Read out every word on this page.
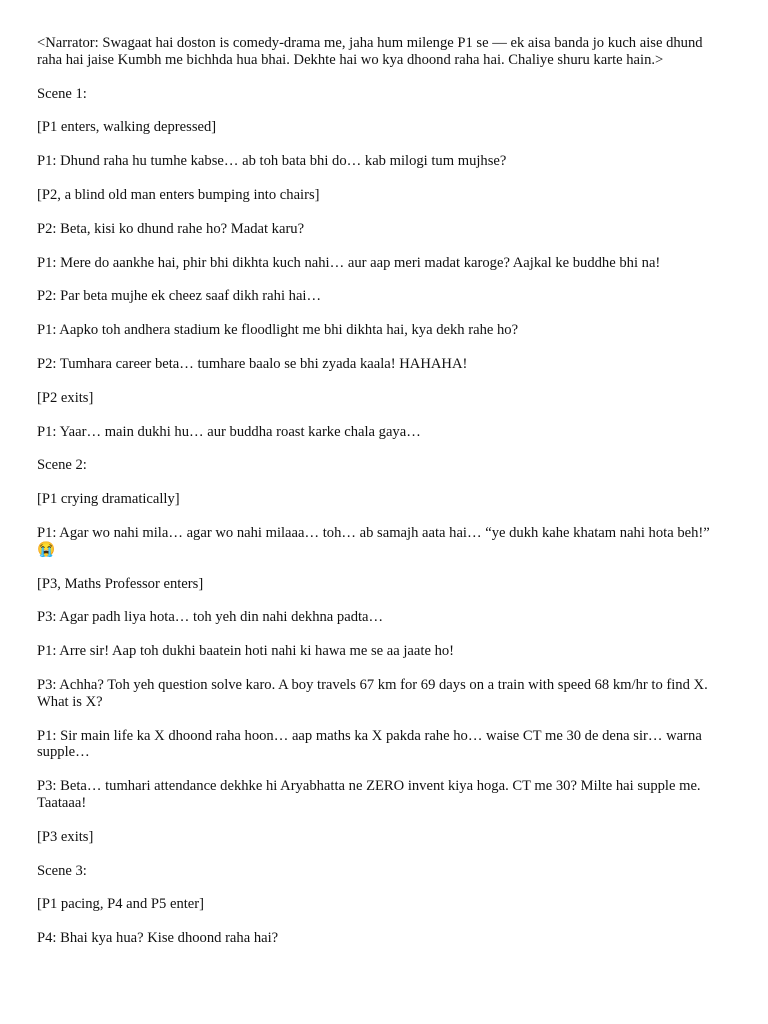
<Narrator: Swagaat hai doston is comedy-drama me, jaha hum milenge P1 se — ek aisa banda jo kuch aise dhund raha hai jaise Kumbh me bichhda hua bhai. Dekhte hai wo kya dhoond raha hai. Chaliye shuru karte hain.>

Scene 1:

[P1 enters, walking depressed]

P1: Dhund raha hu tumhe kabse… ab toh bata bhi do… kab milogi tum mujhse?

[P2, a blind old man enters bumping into chairs]

P2: Beta, kisi ko dhund rahe ho? Madat karu?

P1: Mere do aankhe hai, phir bhi dikhta kuch nahi… aur aap meri madat karoge? Aajkal ke buddhe bhi na!

P2: Par beta mujhe ek cheez saaf dikh rahi hai…

P1: Aapko toh andhera stadium ke floodlight me bhi dikhta hai, kya dekh rahe ho?

P2: Tumhara career beta… tumhare baalo se bhi zyada kaala! HAHAHA!

[P2 exits]

P1: Yaar… main dukhi hu… aur buddha roast karke chala gaya…

Scene 2:

[P1 crying dramatically]

P1: Agar wo nahi mila… agar wo nahi milaaa… toh… ab samajh aata hai… “ye dukh kahe khatam nahi hota beh!” 😭

[P3, Maths Professor enters]

P3: Agar padh liya hota… toh yeh din nahi dekhna padta…

P1: Arre sir! Aap toh dukhi baatein hoti nahi ki hawa me se aa jaate ho!

P3: Achha? Toh yeh question solve karo. A boy travels 67 km for 69 days on a train with speed 68 km/hr to find X. What is X?

P1: Sir main life ka X dhoond raha hoon… aap maths ka X pakda rahe ho… waise CT me 30 de dena sir… warna supple…

P3: Beta… tumhari attendance dekhke hi Aryabhatta ne ZERO invent kiya hoga. CT me 30? Milte hai supple me. Taataaa!

[P3 exits]

Scene 3:

[P1 pacing, P4 and P5 enter]

P4: Bhai kya hua? Kise dhoond raha hai?
